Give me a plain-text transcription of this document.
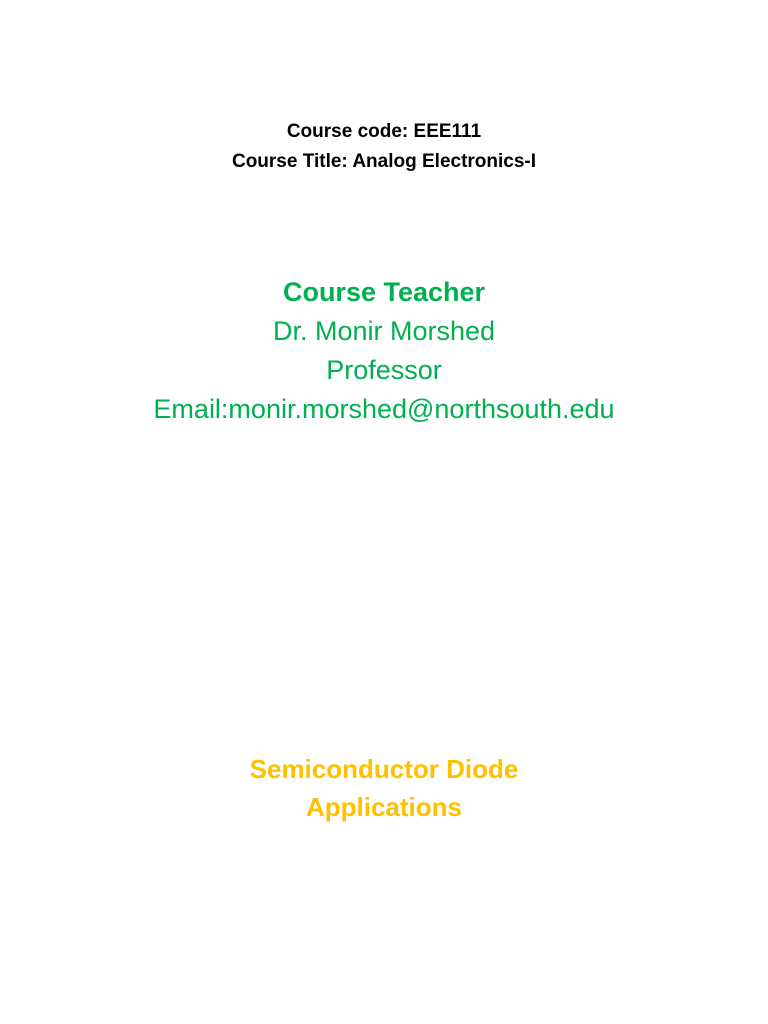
Course code: EEE111
Course Title: Analog Electronics-I
Course Teacher
Dr. Monir Morshed
Professor
Email:monir.morshed@northsouth.edu
Semiconductor Diode
Applications
